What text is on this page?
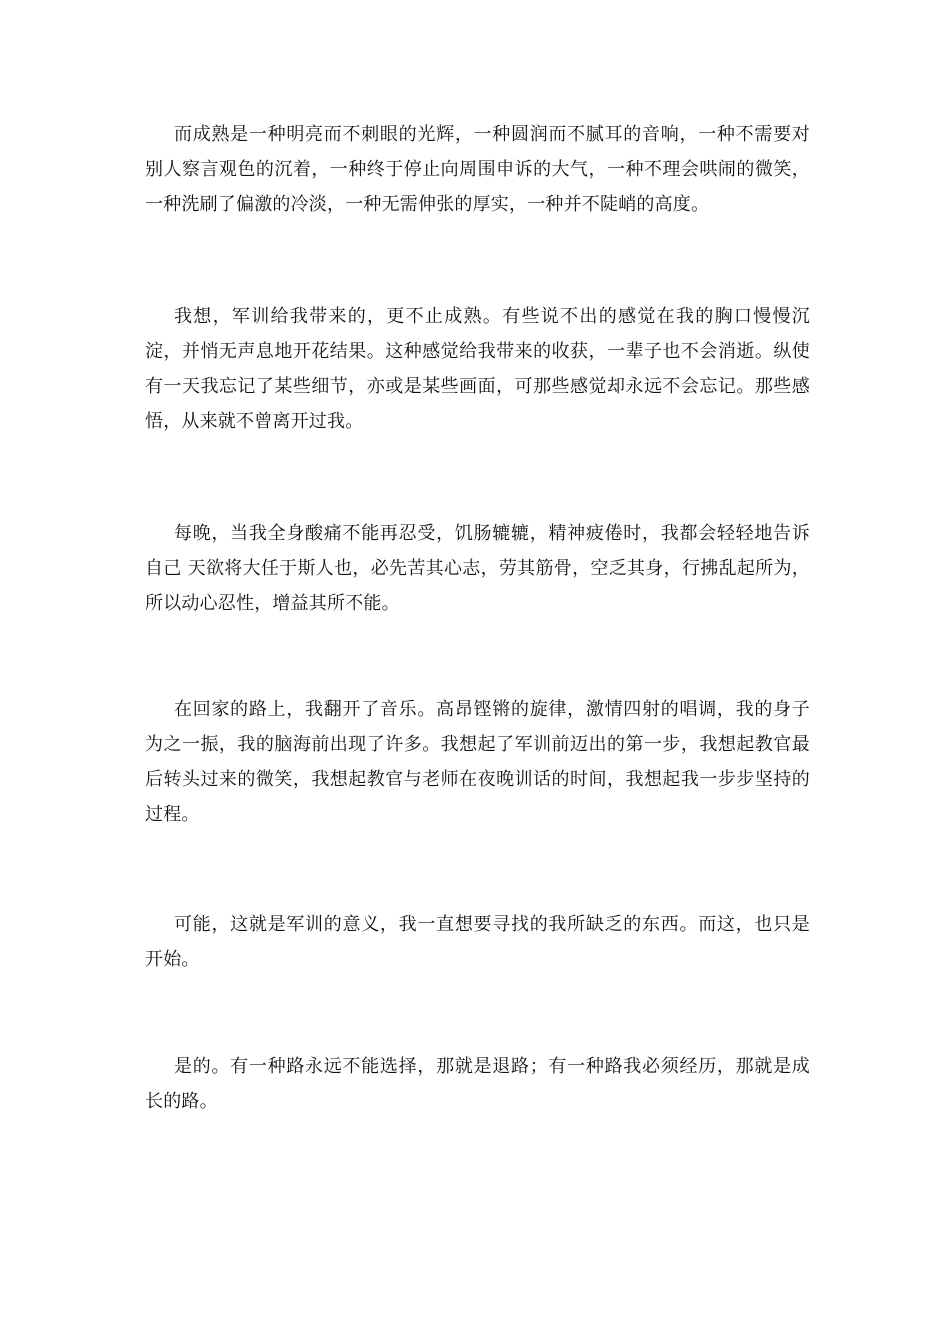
而成熟是一种明亮而不刺眼的光辉，一种圆润而不腻耳的音响，一种不需要对别人察言观色的沉着，一种终于停止向周围申诉的大气，一种不理会哄闹的微笑，一种洗刷了偏激的冷淡，一种无需伸张的厚实，一种并不陡峭的高度。

我想，军训给我带来的，更不止成熟。有些说不出的感觉在我的胸口慢慢沉淀，并悄无声息地开花结果。这种感觉给我带来的收获，一辈子也不会消逝。纵使有一天我忘记了某些细节，亦或是某些画面，可那些感觉却永远不会忘记。那些感悟，从来就不曾离开过我。

每晚，当我全身酸痛不能再忍受，饥肠辘辘，精神疲倦时，我都会轻轻地告诉自己 天欲将大任于斯人也，必先苦其心志，劳其筋骨，空乏其身，行拂乱起所为，所以动心忍性，增益其所不能。

在回家的路上，我翻开了音乐。高昂铿锵的旋律，激情四射的唱调，我的身子为之一振，我的脑海前出现了许多。我想起了军训前迈出的第一步，我想起教官最后转头过来的微笑，我想起教官与老师在夜晚训话的时间，我想起我一步步坚持的过程。

可能，这就是军训的意义，我一直想要寻找的我所缺乏的东西。而这，也只是开始。

是的。有一种路永远不能选择，那就是退路；有一种路我必须经历，那就是成长的路。
